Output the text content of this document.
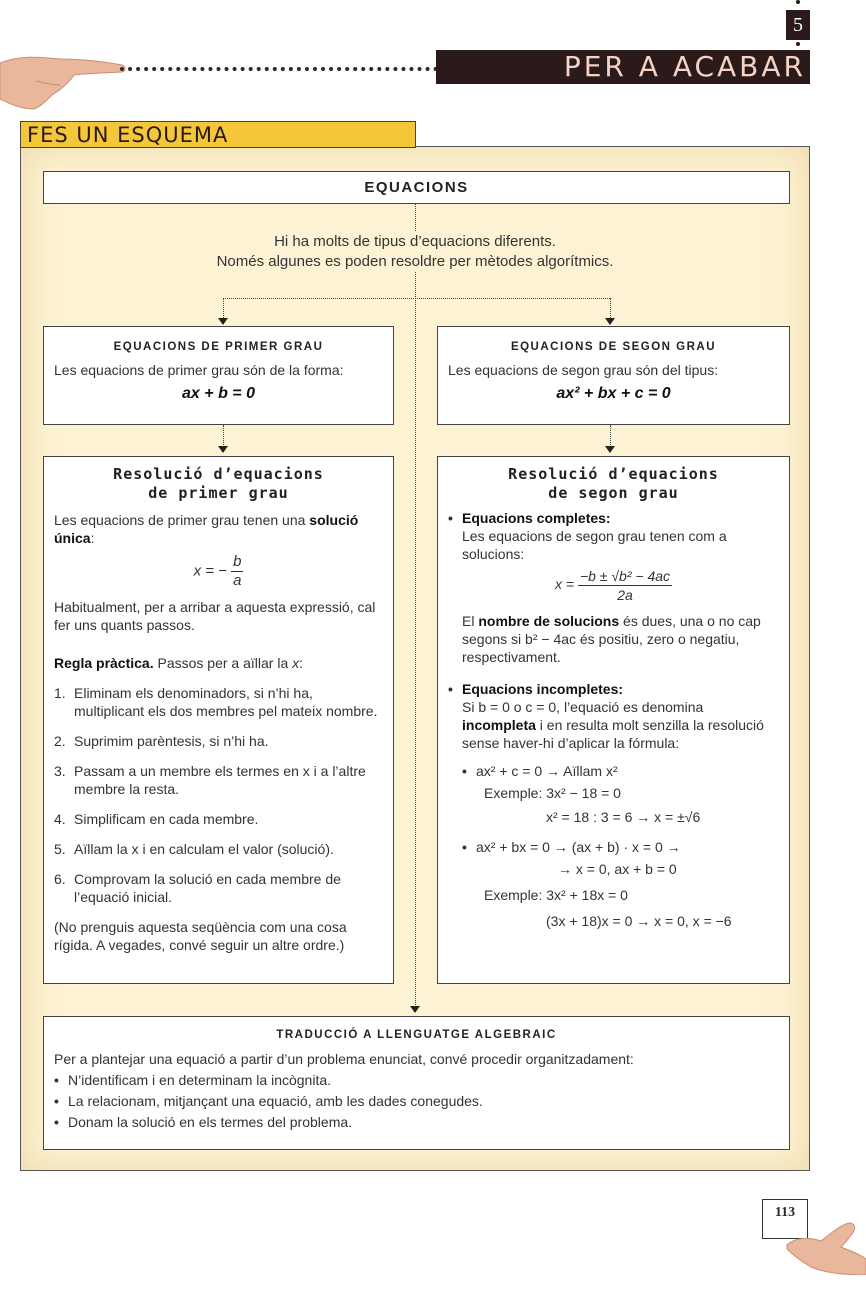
5
PER A ACABAR
FES UN ESQUEMA
EQUACIONS
Hi ha molts de tipus d’equacions diferents.
Només algunes es poden resoldre per mètodes algorítmics.
EQUACIONS DE PRIMER GRAU
Les equacions de primer grau són de la forma:
ax + b = 0
EQUACIONS DE SEGON GRAU
Les equacions de segon grau són del tipus:
ax² + bx + c = 0
Resolució d’equacions
de primer grau
Les equacions de primer grau tenen una solució única:
x = − $\frac{b}{a}$
Habitualment, per a arribar a aquesta expressió, cal fer uns quants passos.
Regla pràctica. Passos per a aïllar la x:
1. Eliminam els denominadors, si n’hi ha, multiplicant els dos membres pel mateix nombre.
2. Suprimim parèntesis, si n’hi ha.
3. Passam a un membre els termes en x i a l’altre membre la resta.
4. Simplificam en cada membre.
5. Aïllam la x i en calculam el valor (solució).
6. Comprovam la solució en cada membre de l’equació inicial.
(No prenguis aquesta seqüència com una cosa rígida. A vegades, convé seguir un altre ordre.)
Resolució d’equacions
de segon grau
• Equacions completes:
Les equacions de segon grau tenen com a solucions:
$x = \frac{\text{−b ± √b² − 4ac}}{2a}$
El nombre de solucions és dues, una o no cap segons si b² − 4ac és positiu, zero o negatiu, respectivament.
• Equacions incompletes:
Si b = 0 o c = 0, l’equació es denomina incompleta i en resulta molt senzilla la resolució sense haver-hi d’aplicar la fórmula:
• ax² + c = 0 → Aïllam x²
Exemple: 3x² − 18 = 0
x² = 18 : 3 = 6 → x = ±√6
• ax² + bx = 0 → (ax + b) · x = 0 →
→ x = 0, ax + b = 0
Exemple: 3x² + 18x = 0
(3x + 18)x = 0 → x = 0, x = −6
TRADUCCIÓ A LLENGUATGE ALGEBRAIC
Per a plantejar una equació a partir d’un problema enunciat, convé procedir organitzadament:
• N’identificam i en determinam la incògnita.
• La relacionam, mitjançant una equació, amb les dades conegudes.
• Donam la solució en els termes del problema.
113
